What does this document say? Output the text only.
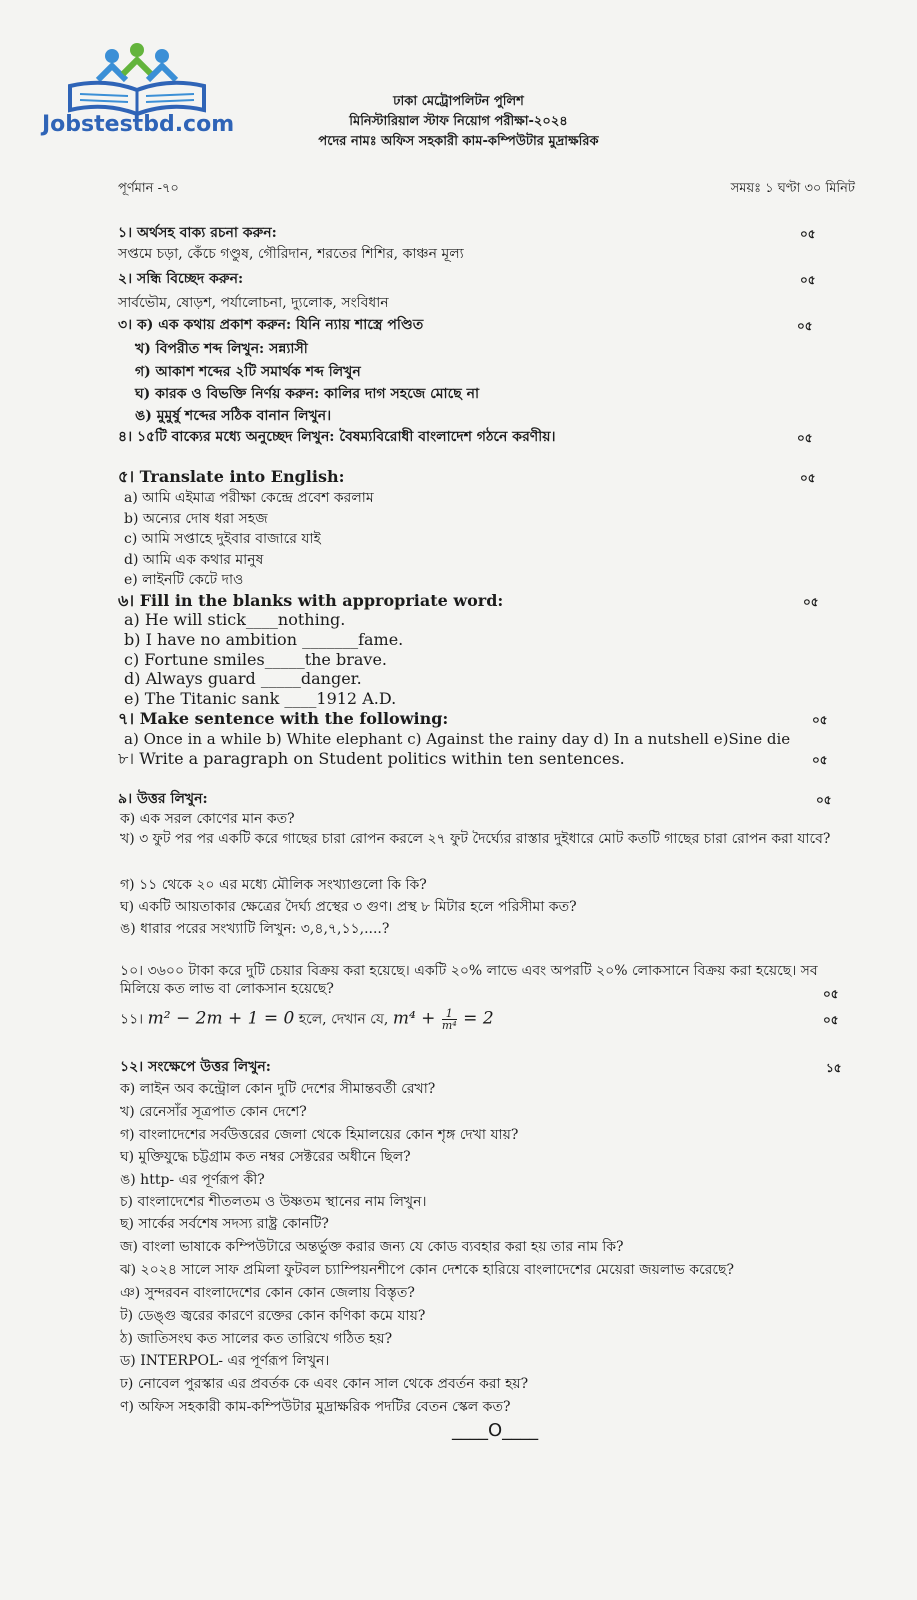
Jobstestbd.com
ঢাকা মেট্রোপলিটন পুলিশ
মিনিস্টারিয়াল স্টাফ নিয়োগ পরীক্ষা-২০২৪
পদের নামঃ অফিস সহকারী কাম-কম্পিউটার মুদ্রাক্ষরিক
পূর্ণমান -৭০	সময়ঃ ১ ঘণ্টা ৩০ মিনিট
১। অর্থসহ বাক্য রচনা করুন:	০৫
সপ্তমে চড়া, কেঁচে গণ্ডুষ, গৌরিদান, শরতের শিশির, কাঞ্চন মূল্য
২। সন্ধি বিচ্ছেদ করুন:	০৫
সার্বভৌম, ষোড়শ, পর্যালোচনা, দ্যুলোক, সংবিধান
৩। ক) এক কথায় প্রকাশ করুন: যিনি ন্যায় শাস্ত্রে পণ্ডিত	০৫
খ) বিপরীত শব্দ লিখুন: সন্ন্যাসী
গ) আকাশ শব্দের ২টি সমার্থক শব্দ লিখুন
ঘ) কারক ও বিভক্তি নির্ণয় করুন: কালির দাগ সহজে মোছে না
ঙ) মুমুর্ষু শব্দের সঠিক বানান লিখুন।
৪। ১৫টি বাক্যের মধ্যে অনুচ্ছেদ লিখুন: বৈষম্যবিরোধী বাংলাদেশ গঠনে করণীয়।	০৫
৫। Translate into English:	০৫
a) আমি এইমাত্র পরীক্ষা কেন্দ্রে প্রবেশ করলাম
b) অন্যের দোষ ধরা সহজ
c) আমি সপ্তাহে দুইবার বাজারে যাই
d) আমি এক কথার মানুষ
e) লাইনটি কেটে দাও
৬। Fill in the blanks with appropriate word:	০৫
a) He will stick____nothing.
b) I have no ambition _______fame.
c) Fortune smiles_____the brave.
d) Always guard _____danger.
e) The Titanic sank ____1912 A.D.
৭। Make sentence with the following:	০৫
a) Once in a while b) White elephant c) Against the rainy day d) In a nutshell e)Sine die
৮। Write a paragraph on Student politics within ten sentences.	০৫
৯। উত্তর লিখুন:	০৫
ক) এক সরল কোণের মান কত?
খ) ৩ ফুট পর পর একটি করে গাছের চারা রোপন করলে ২৭ ফুট দৈর্ঘ্যের রাস্তার দুইধারে মোট কতটি গাছের চারা রোপন করা যাবে?
গ) ১১ থেকে ২০ এর মধ্যে মৌলিক সংখ্যাগুলো কি কি?
ঘ) একটি আয়তাকার ক্ষেত্রের দৈর্ঘ্য প্রস্থের ৩ গুণ। প্রস্থ ৮ মিটার হলে পরিসীমা কত?
ঙ) ধারার পরের সংখ্যাটি লিখুন: ৩,৪,৭,১১,....?
১০। ৩৬০০ টাকা করে দুটি চেয়ার বিক্রয় করা হয়েছে। একটি ২০% লাভে এবং অপরটি ২০% লোকসানে বিক্রয় করা হয়েছে। সব মিলিয়ে কত লাভ বা লোকসান হয়েছে?	০৫
১১। m² − 2m + 1 = 0 হলে, দেখান যে, $m^4 + \frac{1}{\text{m⁴}} = 2$	০৫
১২। সংক্ষেপে উত্তর লিখুন:	১৫
ক) লাইন অব কন্ট্রোল কোন দুটি দেশের সীমান্তবর্তী রেখা?
খ) রেনেসাঁর সূত্রপাত কোন দেশে?
গ) বাংলাদেশের সর্বউত্তরের জেলা থেকে হিমালয়ের কোন শৃঙ্গ দেখা যায়?
ঘ) মুক্তিযুদ্ধে চট্টগ্রাম কত নম্বর সেক্টরের অধীনে ছিল?
ঙ) http- এর পূর্ণরূপ কী?
চ) বাংলাদেশের শীতলতম ও উষ্ণতম স্থানের নাম লিখুন।
ছ) সার্কের সর্বশেষ সদস্য রাষ্ট্র কোনটি?
জ) বাংলা ভাষাকে কম্পিউটারে অন্তর্ভুক্ত করার জন্য যে কোড ব্যবহার করা হয় তার নাম কি?
ঝ) ২০২৪ সালে সাফ প্রমিলা ফুটবল চ্যাম্পিয়নশীপে কোন দেশকে হারিয়ে বাংলাদেশের মেয়েরা জয়লাভ করেছে?
ঞ) সুন্দরবন বাংলাদেশের কোন কোন জেলায় বিস্তৃত?
ট) ডেঙ্গু জ্বরের কারণে রক্তের কোন কণিকা কমে যায়?
ঠ) জাতিসংঘ কত সালের কত তারিখে গঠিত হয়?
ড) INTERPOL- এর পূর্ণরূপ লিখুন।
ঢ) নোবেল পুরস্কার এর প্রবর্তক কে এবং কোন সাল থেকে প্রবর্তন করা হয়?
ণ) অফিস সহকারী কাম-কম্পিউটার মুদ্রাক্ষরিক পদটির বেতন স্কেল কত?
____O____
